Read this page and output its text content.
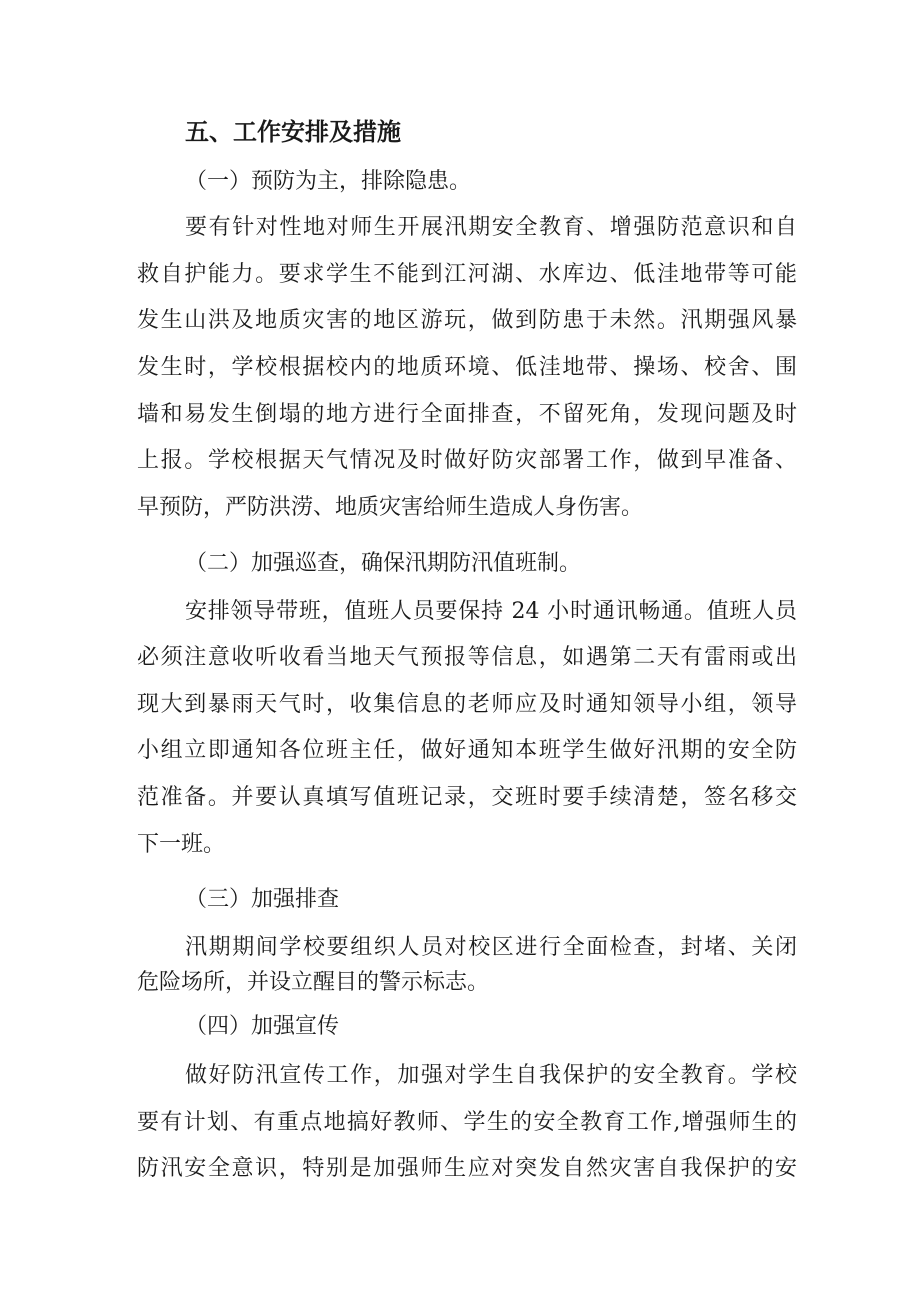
五、工作安排及措施
（一）预防为主，排除隐患。
要有针对性地对师生开展汛期安全教育、增强防范意识和自
救自护能力。要求学生不能到江河湖、水库边、低洼地带等可能
发生山洪及地质灾害的地区游玩，做到防患于未然。汛期强风暴
发生时，学校根据校内的地质环境、低洼地带、操场、校舍、围
墙和易发生倒塌的地方进行全面排查，不留死角，发现问题及时
上报。学校根据天气情况及时做好防灾部署工作，做到早准备、
早预防，严防洪涝、地质灾害给师生造成人身伤害。
（二）加强巡查，确保汛期防汛值班制。
安排领导带班，值班人员要保持 24 小时通讯畅通。值班人员
必须注意收听收看当地天气预报等信息，如遇第二天有雷雨或出
现大到暴雨天气时，收集信息的老师应及时通知领导小组，领导
小组立即通知各位班主任，做好通知本班学生做好汛期的安全防
范准备。并要认真填写值班记录，交班时要手续清楚，签名移交
下一班。
（三）加强排查
汛期期间学校要组织人员对校区进行全面检查，封堵、关闭
危险场所，并设立醒目的警示标志。
（四）加强宣传
做好防汛宣传工作，加强对学生自我保护的安全教育。学校
要有计划、有重点地搞好教师、学生的安全教育工作,增强师生的
防汛安全意识，特别是加强师生应对突发自然灾害自我保护的安
